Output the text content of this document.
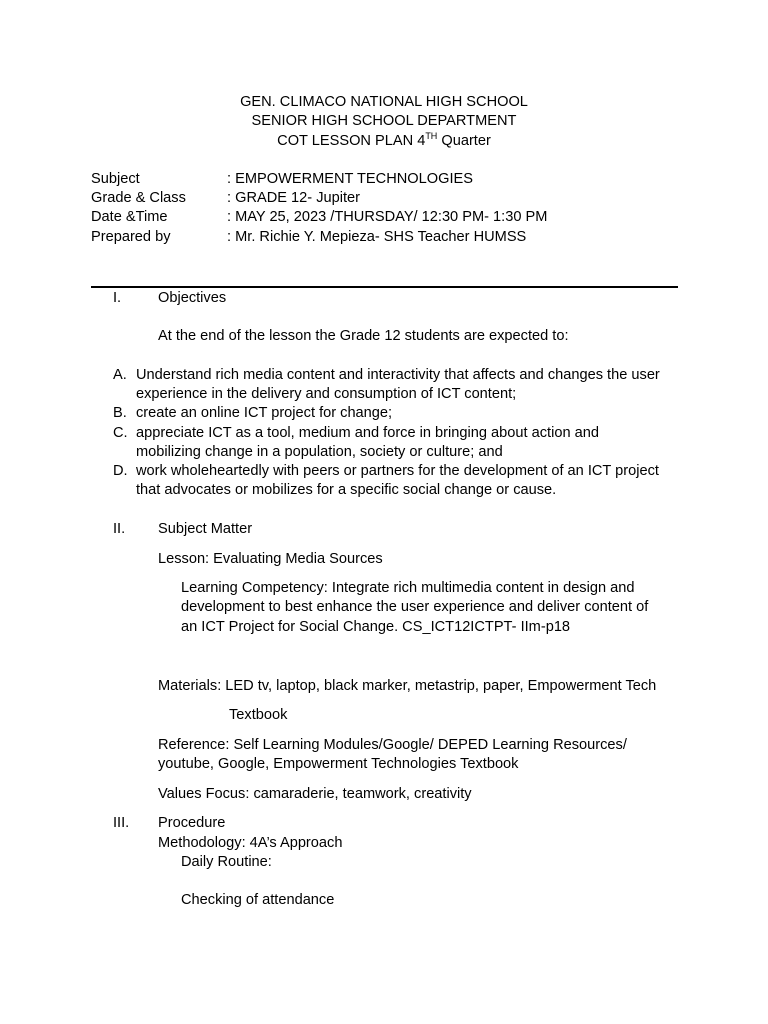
GEN. CLIMACO NATIONAL HIGH SCHOOL
SENIOR HIGH SCHOOL DEPARTMENT
COT LESSON PLAN 4TH Quarter
Subject	: EMPOWERMENT TECHNOLOGIES
Grade & Class	: GRADE 12- Jupiter
Date &Time	: MAY 25, 2023 /THURSDAY/ 12:30 PM- 1:30 PM
Prepared by	: Mr. Richie Y. Mepieza- SHS Teacher HUMSS
I.	Objectives
At the end of the lesson the Grade 12 students are expected to:
A. Understand rich media content and interactivity that affects and changes the user
experience in the delivery and consumption of ICT content;
B. create an online ICT project for change;
C. appreciate ICT as a tool, medium and force in bringing about action and
mobilizing change in a population, society or culture; and
D. work wholeheartedly with peers or partners for the development of an ICT project
that advocates or mobilizes for a specific social change or cause.
II. Subject Matter
Lesson: Evaluating Media Sources
Learning Competency: Integrate rich multimedia content in design and
development to best enhance the user experience and deliver content of
an ICT Project for Social Change. CS_ICT12ICTPT- IIm-p18
Materials: LED tv, laptop, black marker, metastrip, paper, Empowerment Tech
Textbook
Reference: Self Learning Modules/Google/ DEPED Learning Resources/
youtube, Google, Empowerment Technologies Textbook
Values Focus: camaraderie, teamwork, creativity
III. Procedure
Methodology: 4A’s Approach
Daily Routine:
Checking of attendance
